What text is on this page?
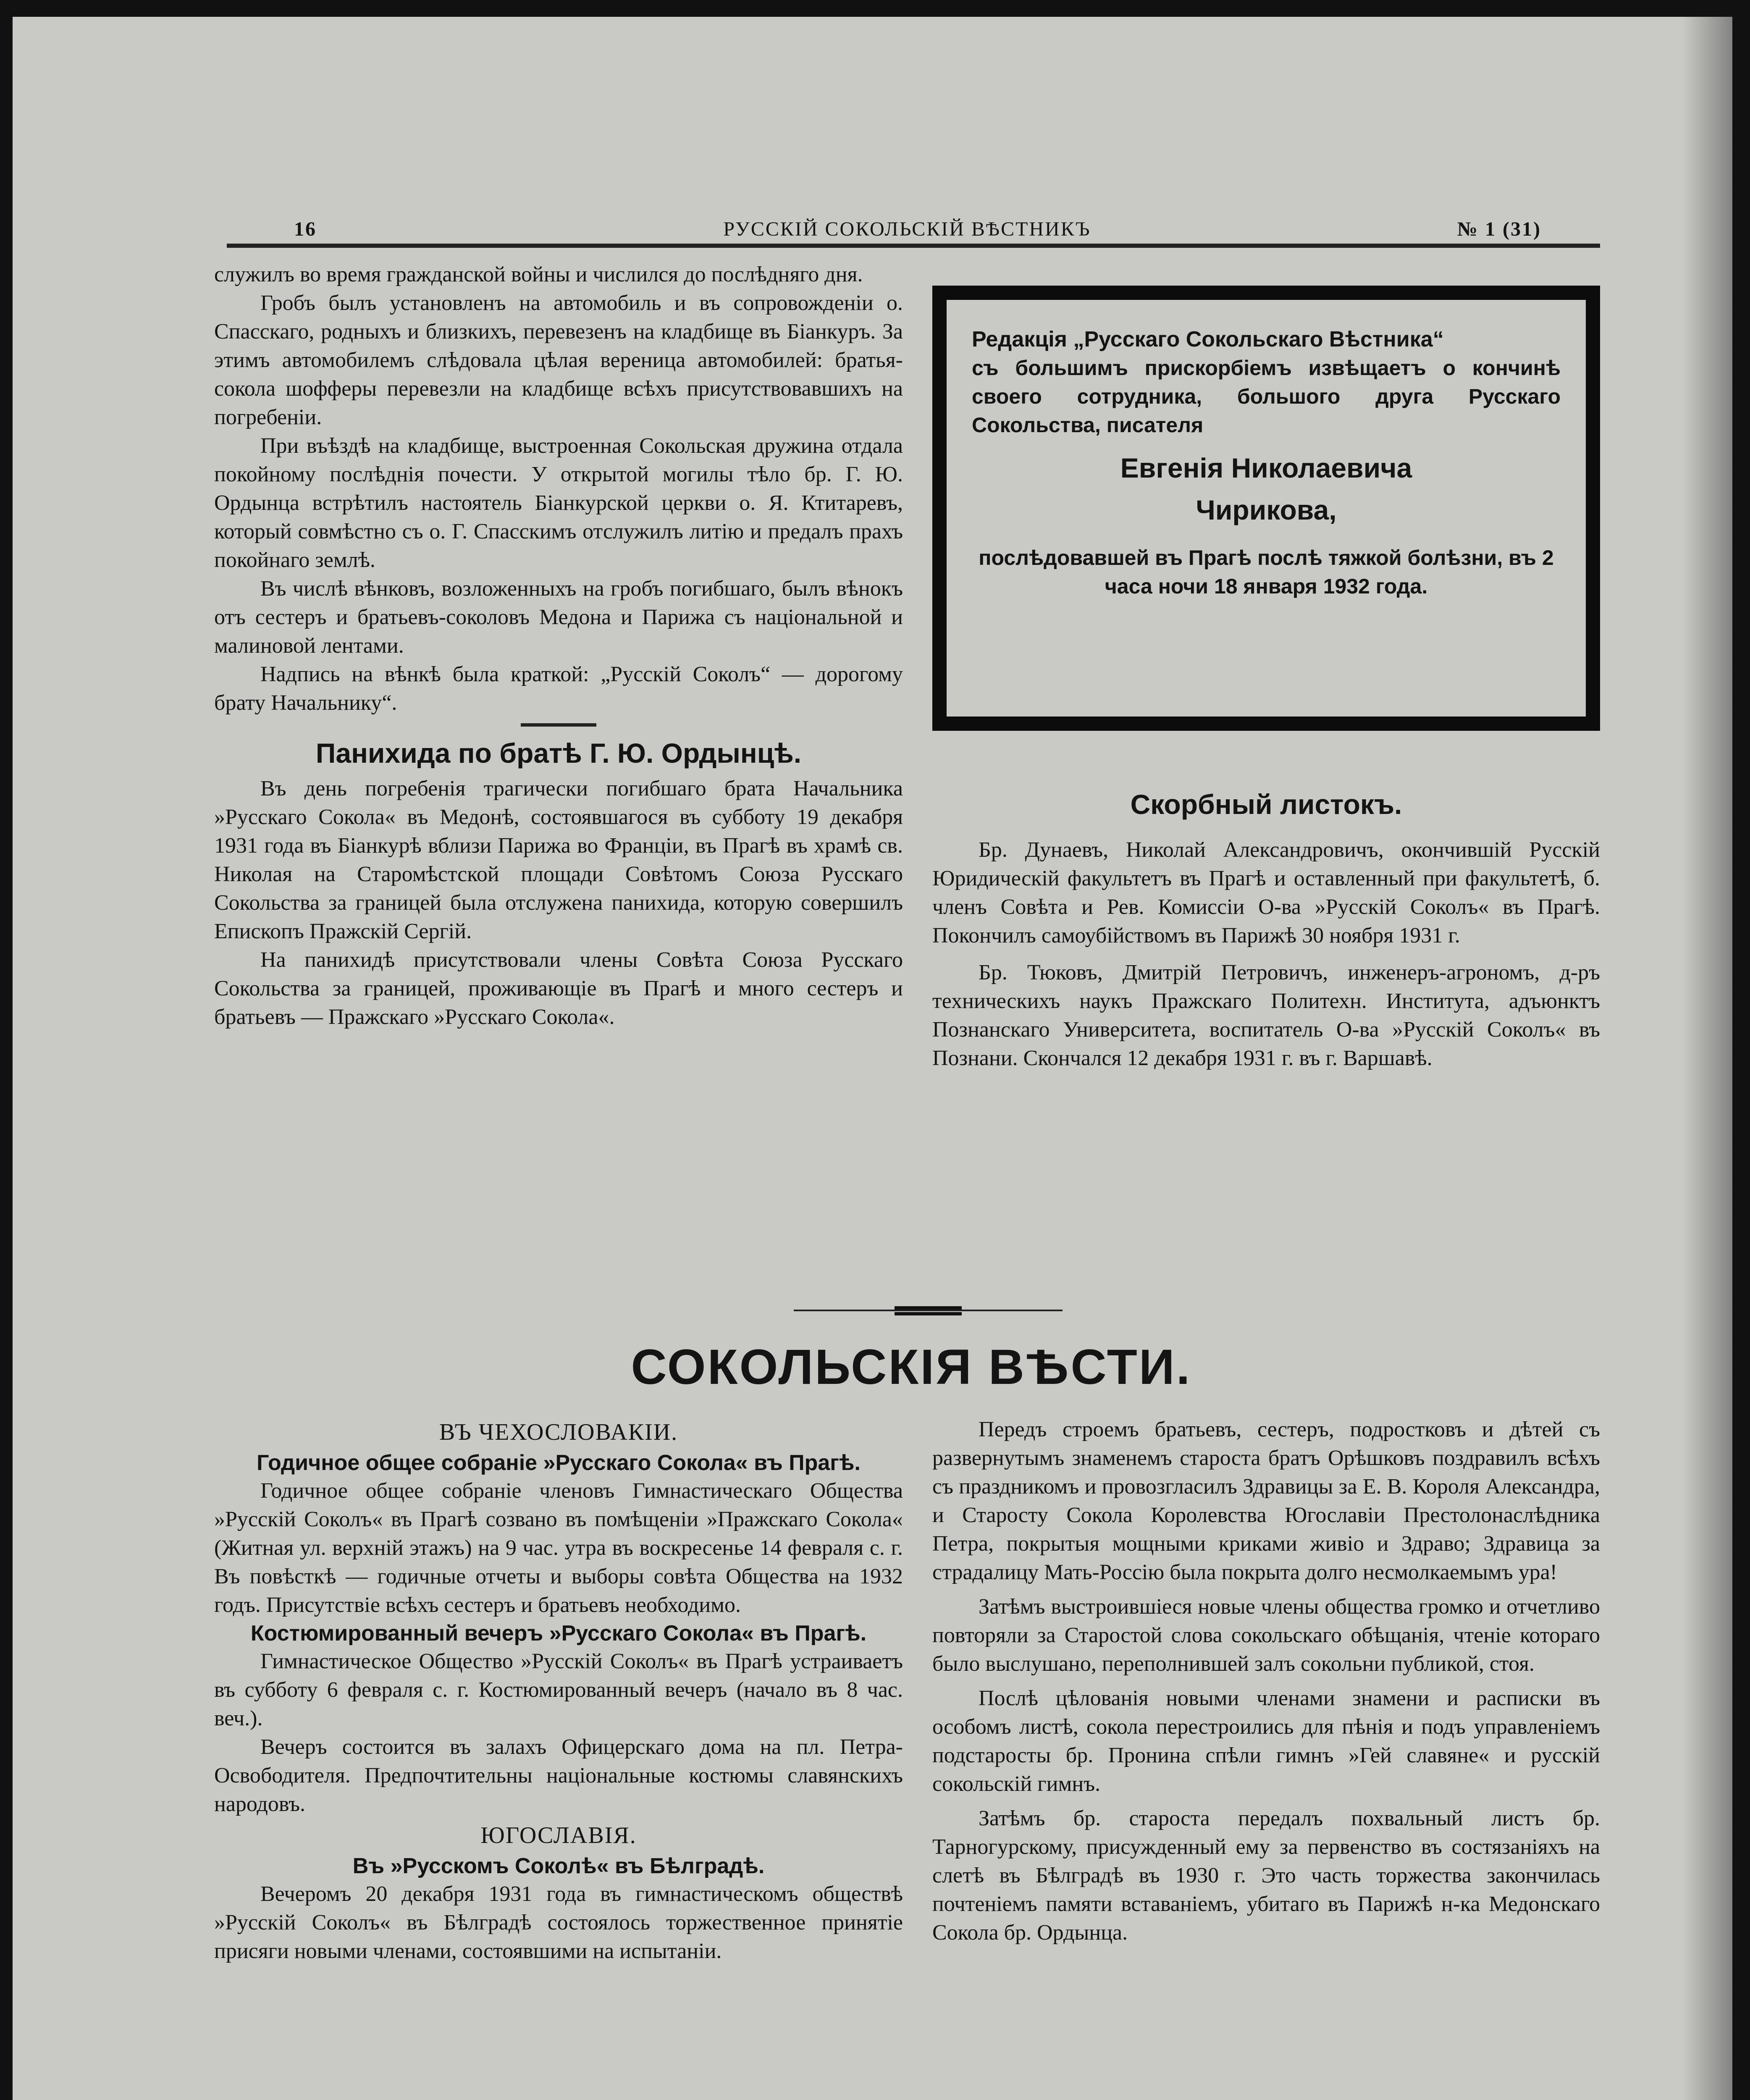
16	РУССКІЙ СОКОЛЬСКІЙ ВѢСТНИКЪ	№ 1 (31)

служилъ во время гражданской войны и числился до послѣдняго дня.

Гробъ былъ установленъ на автомобиль и въ сопровожденіи о. Спасскаго, родныхъ и близкихъ, перевезенъ на кладбище въ Біанкуръ. За этимъ автомобилемъ слѣдовала цѣлая вереница автомобилей: братья-сокола шофферы перевезли на кладбище всѣхъ присутствовавшихъ на погребеніи.

При въѣздѣ на кладбище, выстроенная Сокольская дружина отдала покойному послѣднія почести. У открытой могилы тѣло бр. Г. Ю. Ордынца встрѣтилъ настоятель Біанкурской церкви о. Я. Ктитаревъ, который совмѣстно съ о. Г. Спасскимъ отслужилъ литію и предалъ прахъ покойнаго землѣ.

Въ числѣ вѣнковъ, возложенныхъ на гробъ погибшаго, былъ вѣнокъ отъ сестеръ и братьевъ-соколовъ Медона и Парижа съ національной и малиновой лентами.

Надпись на вѣнкѣ была краткой: „Русскій Соколъ“ — дорогому брату Начальнику“.

Панихида по братѣ Г. Ю. Ордынцѣ.

Въ день погребенія трагически погибшаго брата Начальника »Русскаго Сокола« въ Медонѣ, состоявшагося въ субботу 19 декабря 1931 года въ Біанкурѣ вблизи Парижа во Франціи, въ Прагѣ въ храмѣ св. Николая на Старомѣстской площади Совѣтомъ Союза Русскаго Сокольства за границей была отслужена панихида, которую совершилъ Епископъ Пражскій Сергій.

На панихидѣ присутствовали члены Совѣта Союза Русскаго Сокольства за границей, проживающіе въ Прагѣ и много сестеръ и братьевъ — Пражскаго »Русскаго Сокола«.

Редакція „Русскаго Сокольскаго Вѣстника“
съ большимъ прискорбіемъ извѣщаетъ о кончинѣ своего сотрудника, большого друга Русскаго Сокольства, писателя
Евгенія Николаевича
Чирикова,
послѣдовавшей въ Прагѣ послѣ тяжкой болѣзни, въ 2 часа ночи 18 января 1932 года.
Скорбный листокъ.

Бр. Дунаевъ, Николай Александровичъ, окончившій Русскій Юридическій факультетъ въ Прагѣ и оставленный при факультетѣ, б. членъ Совѣта и Рев. Комиссіи О-ва »Русскій Соколъ« въ Прагѣ. Покончилъ самоубійствомъ въ Парижѣ 30 ноября 1931 г.

Бр. Тюковъ, Дмитрій Петровичъ, инженеръ-агрономъ, д-ръ техническихъ наукъ Пражскаго Политехн. Института, адъюнктъ Познанскаго Университета, воспитатель О-ва »Русскій Соколъ« въ Познани. Скончался 12 декабря 1931 г. въ г. Варшавѣ.

СОКОЛЬСКІЯ ВѢСТИ.
ВЪ ЧЕХОСЛОВАКІИ.
Годичное общее собраніе »Русскаго Сокола« въ Прагѣ.

Годичное общее собраніе членовъ Гимнастическаго Общества »Русскій Соколъ« въ Прагѣ созвано въ помѣщеніи »Пражскаго Сокола« (Житная ул. верхній этажъ) на 9 час. утра въ воскресенье 14 февраля с. г. Въ повѣсткѣ — годичные отчеты и выборы совѣта Общества на 1932 годъ. Присутствіе всѣхъ сестеръ и братьевъ необходимо.

Костюмированный вечеръ »Русскаго Сокола« въ Прагѣ.

Гимнастическое Общество »Русскій Соколъ« въ Прагѣ устраиваетъ въ субботу 6 февраля с. г. Костюмированный вечеръ (начало въ 8 час. веч.).

Вечеръ состоится въ залахъ Офицерскаго дома на пл. Петра-Освободителя. Предпочтительны національные костюмы славянскихъ народовъ.

ЮГОСЛАВІЯ.
Въ »Русскомъ Соколѣ« въ Бѣлградѣ.

Вечеромъ 20 декабря 1931 года въ гимнастическомъ обществѣ »Русскій Соколъ« въ Бѣлградѣ состоялось торжественное принятіе присяги новыми членами, состоявшими на испытаніи.

Передъ строемъ братьевъ, сестеръ, подростковъ и дѣтей съ развернутымъ знаменемъ староста братъ Орѣшковъ поздравилъ всѣхъ съ праздникомъ и провозгласилъ Здравицы за Е. В. Короля Александра, и Старосту Сокола Королевства Югославіи Престолонаслѣдника Петра, покрытыя мощными криками живіо и Здраво; Здравица за страдалицу Мать-Россію была покрыта долго несмолкаемымъ ура!

Затѣмъ выстроившіеся новые члены общества громко и отчетливо повторяли за Старостой слова сокольскаго обѣщанія, чтеніе котораго было выслушано, переполнившей залъ сокольни публикой, стоя.

Послѣ цѣлованія новыми членами знамени и расписки въ особомъ листѣ, сокола перестроились для пѣнія и подъ управленіемъ подстаросты бр. Пронина спѣли гимнъ »Гей славяне« и русскій сокольскій гимнъ.

Затѣмъ бр. староста передалъ похвальный листъ бр. Тарногурскому, присужденный ему за первенство въ состязаніяхъ на слетѣ въ Бѣлградѣ въ 1930 г. Это часть торжества закончилась почтеніемъ памяти вставаніемъ, убитаго въ Парижѣ н-ка Медонскаго Сокола бр. Ордынца.
